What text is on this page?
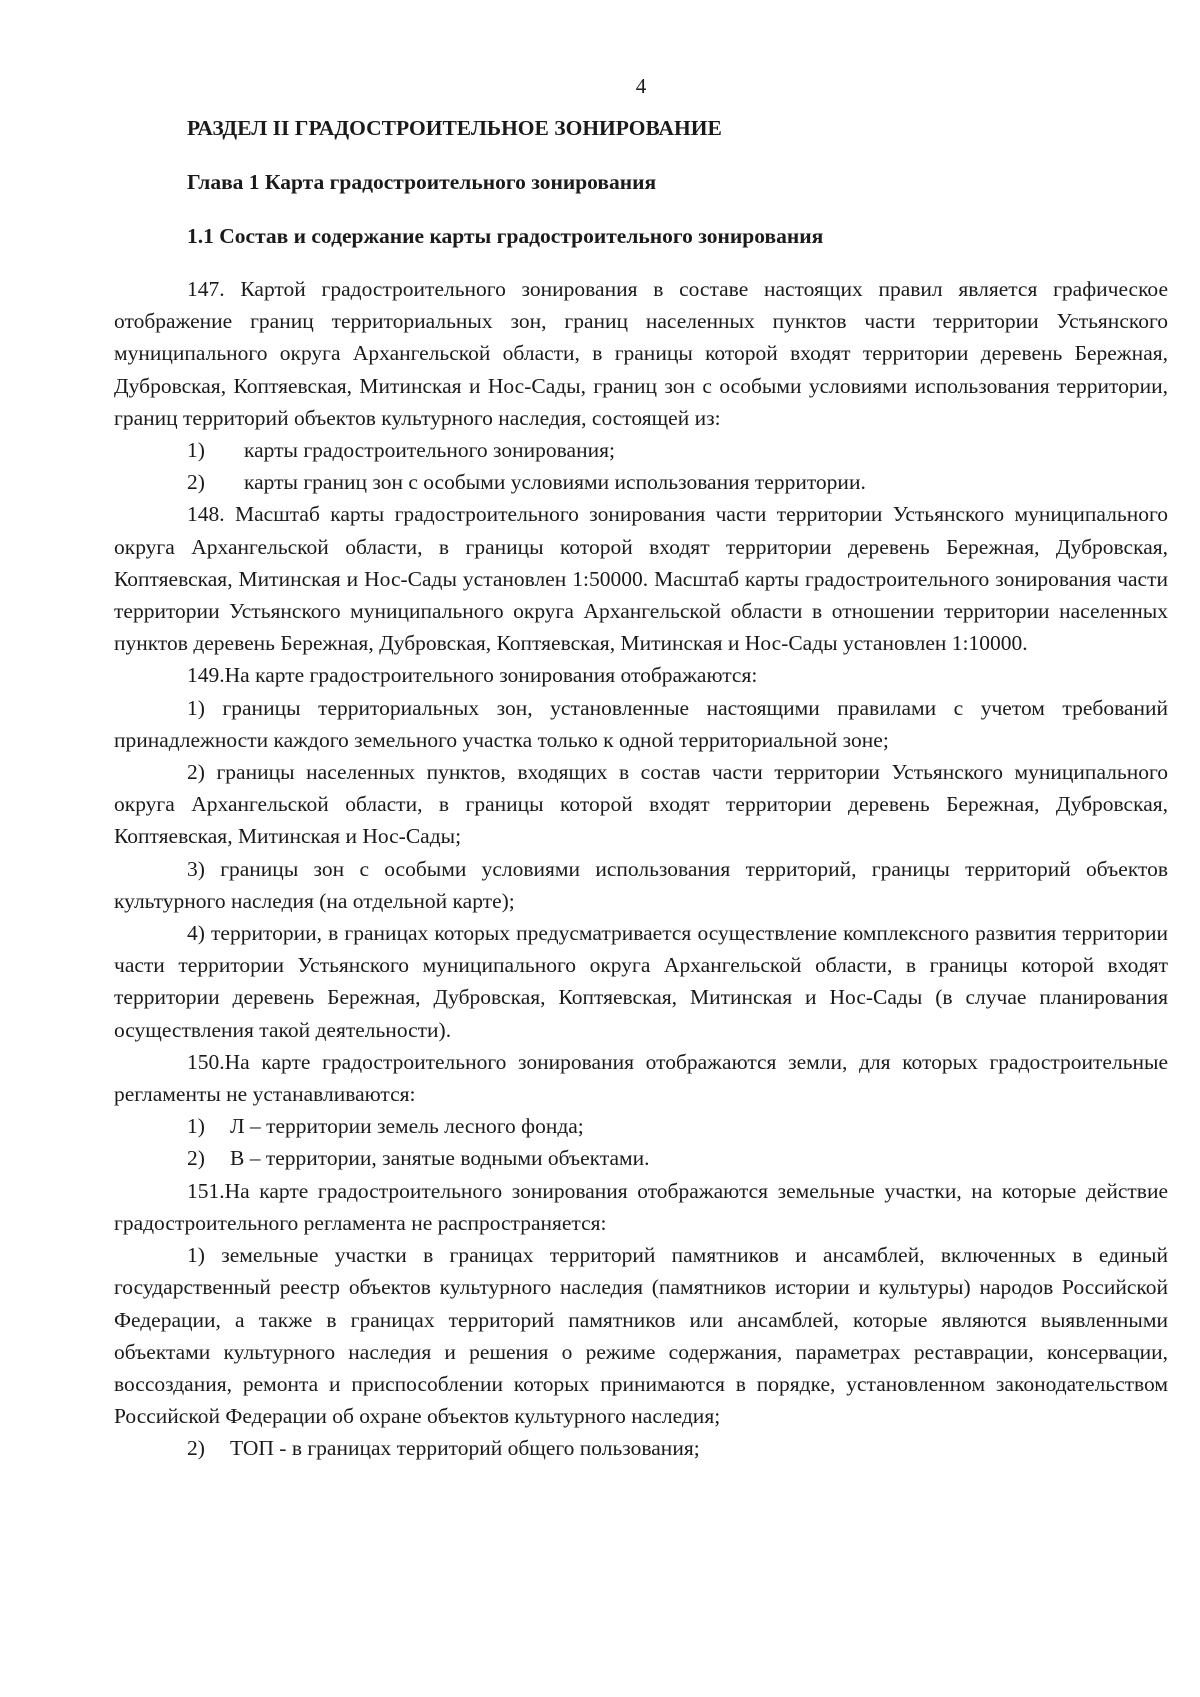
4

РАЗДЕЛ II ГРАДОСТРОИТЕЛЬНОЕ ЗОНИРОВАНИЕ

Глава 1 Карта градостроительного зонирования

1.1 Состав и содержание карты градостроительного зонирования

147. Картой градостроительного зонирования в составе настоящих правил является графическое отображение границ территориальных зон, границ населенных пунктов части территории Устьянского муниципального округа Архангельской области, в границы которой входят территории деревень Бережная, Дубровская, Коптяевская, Митинская и Нос-Сады, границ зон с особыми условиями использования территории, границ территорий объектов культурного наследия, состоящей из:

1)	карты градостроительного зонирования;
2)	карты границ зон с особыми условиями использования территории.

148. Масштаб карты градостроительного зонирования части территории Устьянского муниципального округа Архангельской области, в границы которой входят территории деревень Бережная, Дубровская, Коптяевская, Митинская и Нос-Сады установлен 1:50000. Масштаб карты градостроительного зонирования части территории Устьянского муниципального округа Архангельской области в отношении территории населенных пунктов деревень Бережная, Дубровская, Коптяевская, Митинская и Нос-Сады установлен 1:10000.

149.На карте градостроительного зонирования отображаются:

1) границы территориальных зон, установленные настоящими правилами с учетом требований принадлежности каждого земельного участка только к одной территориальной зоне;

2) границы населенных пунктов, входящих в состав части территории Устьянского муниципального округа Архангельской области, в границы которой входят территории деревень Бережная, Дубровская, Коптяевская, Митинская и Нос-Сады;

3) границы зон с особыми условиями использования территорий, границы территорий объектов культурного наследия (на отдельной карте);

4) территории, в границах которых предусматривается осуществление комплексного развития территории части территории Устьянского муниципального округа Архангельской области, в границы которой входят территории деревень Бережная, Дубровская, Коптяевская, Митинская и Нос-Сады (в случае планирования осуществления такой деятельности).

150.На карте градостроительного зонирования отображаются земли, для которых градостроительные регламенты не устанавливаются:

1)	Л – территории земель лесного фонда;
2)	В – территории, занятые водными объектами.

151.На карте градостроительного зонирования отображаются земельные участки, на которые действие градостроительного регламента не распространяется:

1) земельные участки в границах территорий памятников и ансамблей, включенных в единый государственный реестр объектов культурного наследия (памятников истории и культуры) народов Российской Федерации, а также в границах территорий памятников или ансамблей, которые являются выявленными объектами культурного наследия и решения о режиме содержания, параметрах реставрации, консервации, воссоздания, ремонта и приспособлении которых принимаются в порядке, установленном законодательством Российской Федерации об охране объектов культурного наследия;

2)	ТОП - в границах территорий общего пользования;
